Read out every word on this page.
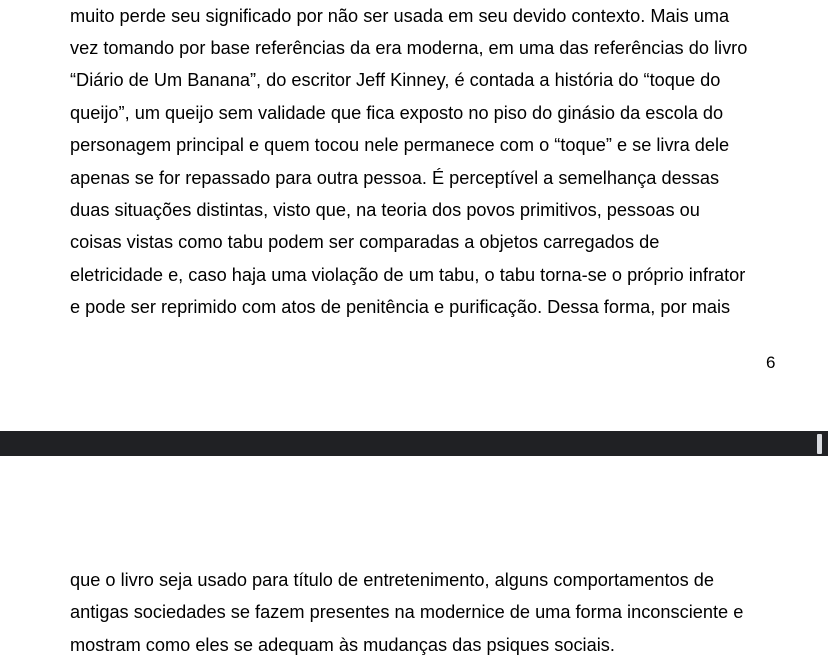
muito perde seu significado por não ser usada em seu devido contexto. Mais uma
vez tomando por base referências da era moderna, em uma das referências do livro
“Diário de Um Banana”, do escritor Jeff Kinney, é contada a história do “toque do
queijo”, um queijo sem validade que fica exposto no piso do ginásio da escola do
personagem principal e quem tocou nele permanece com o “toque” e se livra dele
apenas se for repassado para outra pessoa. É perceptível a semelhança dessas
duas situações distintas, visto que, na teoria dos povos primitivos, pessoas ou
coisas vistas como tabu podem ser comparadas a objetos carregados de
eletricidade e, caso haja uma violação de um tabu, o tabu torna-se o próprio infrator
e pode ser reprimido com atos de penitência e purificação. Dessa forma, por mais
6
que o livro seja usado para título de entretenimento, alguns comportamentos de
antigas sociedades se fazem presentes na modernice de uma forma inconsciente e
mostram como eles se adequam às mudanças das psiques sociais.
